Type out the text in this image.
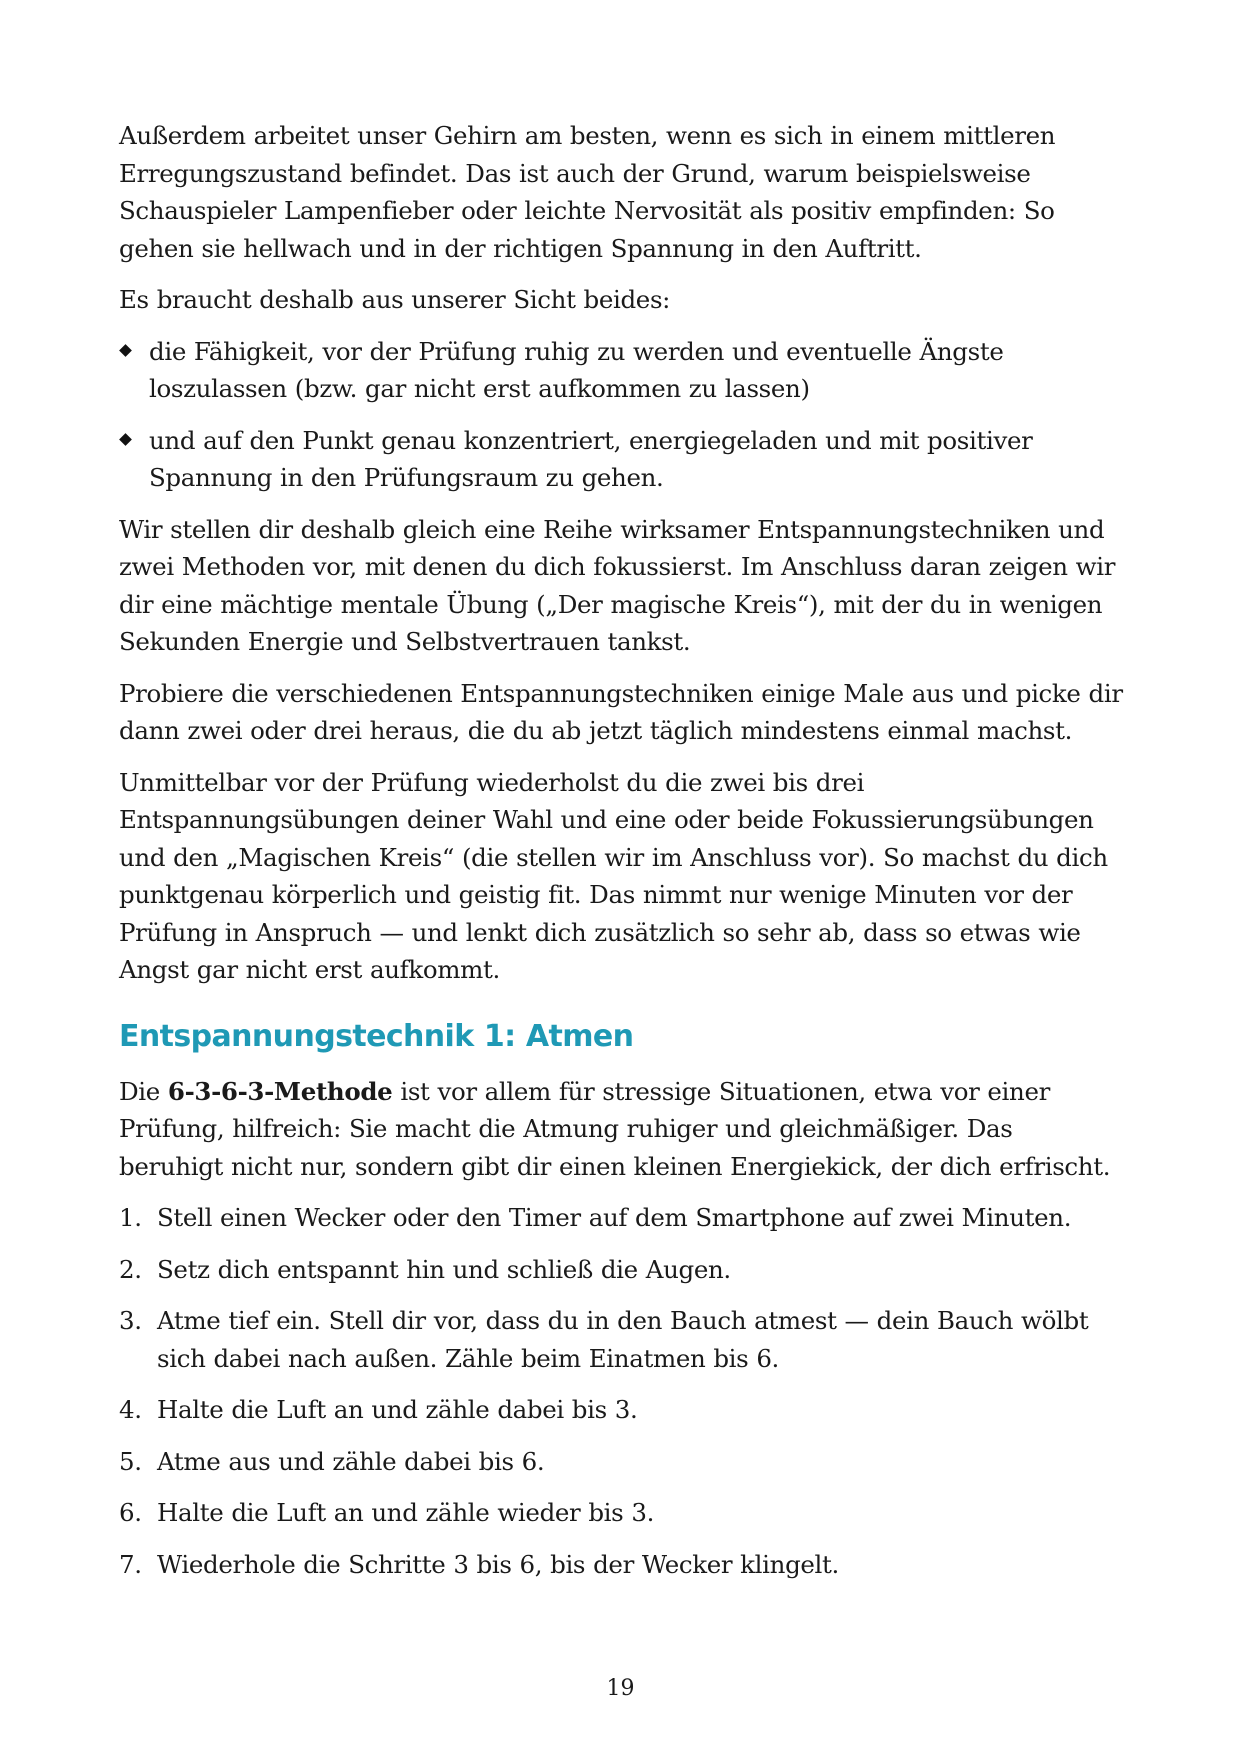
Außerdem arbeitet unser Gehirn am besten, wenn es sich in einem mittleren Erregungszustand befindet. Das ist auch der Grund, warum beispielsweise Schauspieler Lampenfieber oder leichte Nervosität als positiv empfinden: So gehen sie hellwach und in der richtigen Spannung in den Auftritt.

Es braucht deshalb aus unserer Sicht beides:

die Fähigkeit, vor der Prüfung ruhig zu werden und eventuelle Ängste loszulassen (bzw. gar nicht erst aufkommen zu lassen)
und auf den Punkt genau konzentriert, energiegeladen und mit positiver Spannung in den Prüfungsraum zu gehen.

Wir stellen dir deshalb gleich eine Reihe wirksamer Entspannungstechniken und zwei Methoden vor, mit denen du dich fokussierst. Im Anschluss daran zeigen wir dir eine mächtige mentale Übung („Der magische Kreis“), mit der du in wenigen Sekunden Energie und Selbstvertrauen tankst.

Probiere die verschiedenen Entspannungstechniken einige Male aus und picke dir dann zwei oder drei heraus, die du ab jetzt täglich mindestens einmal machst.

Unmittelbar vor der Prüfung wiederholst du die zwei bis drei Entspannungsübungen deiner Wahl und eine oder beide Fokussierungsübungen und den „Magischen Kreis“ (die stellen wir im Anschluss vor). So machst du dich punktgenau körperlich und geistig fit. Das nimmt nur wenige Minuten vor der Prüfung in Anspruch — und lenkt dich zusätzlich so sehr ab, dass so etwas wie Angst gar nicht erst aufkommt.

Entspannungstechnik 1: Atmen

Die 6-3-6-3-Methode ist vor allem für stressige Situationen, etwa vor einer Prüfung, hilfreich: Sie macht die Atmung ruhiger und gleichmäßiger. Das beruhigt nicht nur, sondern gibt dir einen kleinen Energiekick, der dich erfrischt.

1. Stell einen Wecker oder den Timer auf dem Smartphone auf zwei Minuten.
2. Setz dich entspannt hin und schließ die Augen.
3. Atme tief ein. Stell dir vor, dass du in den Bauch atmest — dein Bauch wölbt sich dabei nach außen. Zähle beim Einatmen bis 6.
4. Halte die Luft an und zähle dabei bis 3.
5. Atme aus und zähle dabei bis 6.
6. Halte die Luft an und zähle wieder bis 3.
7. Wiederhole die Schritte 3 bis 6, bis der Wecker klingelt.
19
